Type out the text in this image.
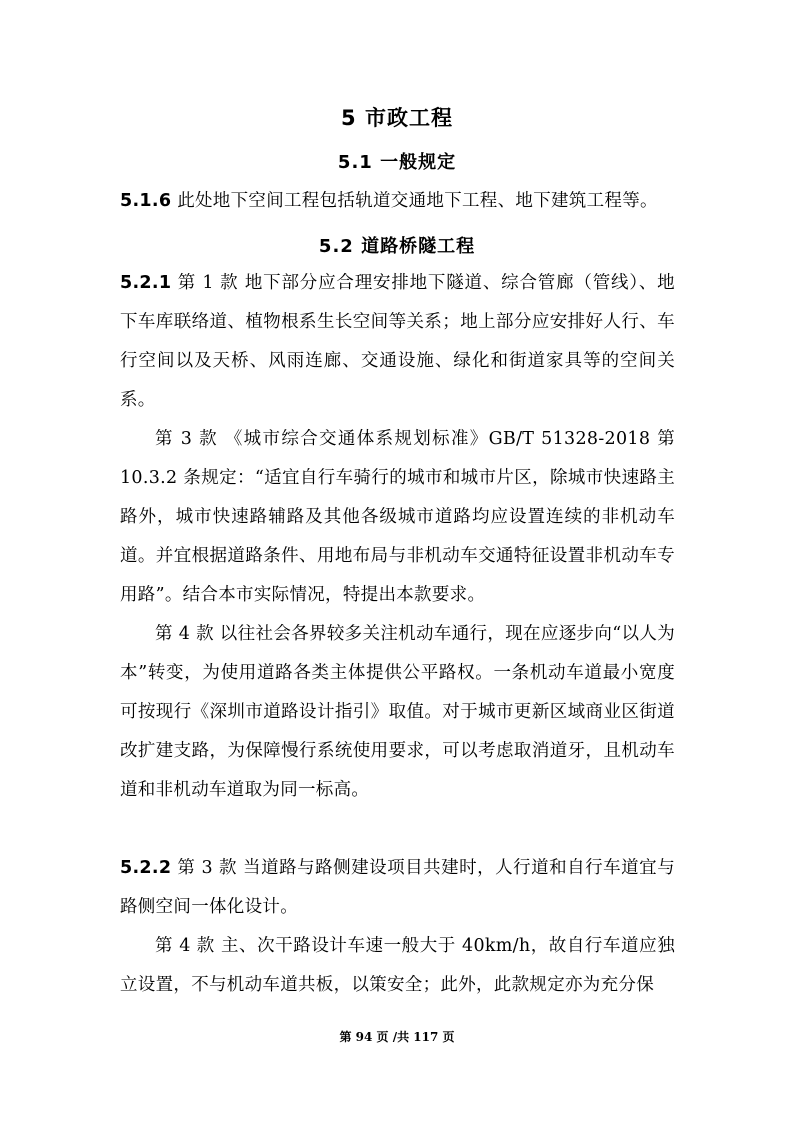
5 市政工程
5.1 一般规定
5.1.6 此处地下空间工程包括轨道交通地下工程、地下建筑工程等。
5.2 道路桥隧工程
5.2.1 第 1 款 地下部分应合理安排地下隧道、综合管廊（管线）、地下车库联络道、植物根系生长空间等关系；地上部分应安排好人行、车行空间以及天桥、风雨连廊、交通设施、绿化和街道家具等的空间关系。
第 3 款 《城市综合交通体系规划标准》GB/T 51328-2018 第 10.3.2 条规定：“适宜自行车骑行的城市和城市片区，除城市快速路主路外，城市快速路辅路及其他各级城市道路均应设置连续的非机动车道。并宜根据道路条件、用地布局与非机动车交通特征设置非机动车专用路”。结合本市实际情况，特提出本款要求。
第 4 款 以往社会各界较多关注机动车通行，现在应逐步向“以人为本”转变，为使用道路各类主体提供公平路权。一条机动车道最小宽度可按现行《深圳市道路设计指引》取值。对于城市更新区域商业区街道改扩建支路，为保障慢行系统使用要求，可以考虑取消道牙，且机动车道和非机动车道取为同一标高。
5.2.2 第 3 款 当道路与路侧建设项目共建时，人行道和自行车道宜与路侧空间一体化设计。
第 4 款 主、次干路设计车速一般大于 40km/h，故自行车道应独立设置，不与机动车道共板，以策安全；此外，此款规定亦为充分保
第 94 页 /共 117 页
